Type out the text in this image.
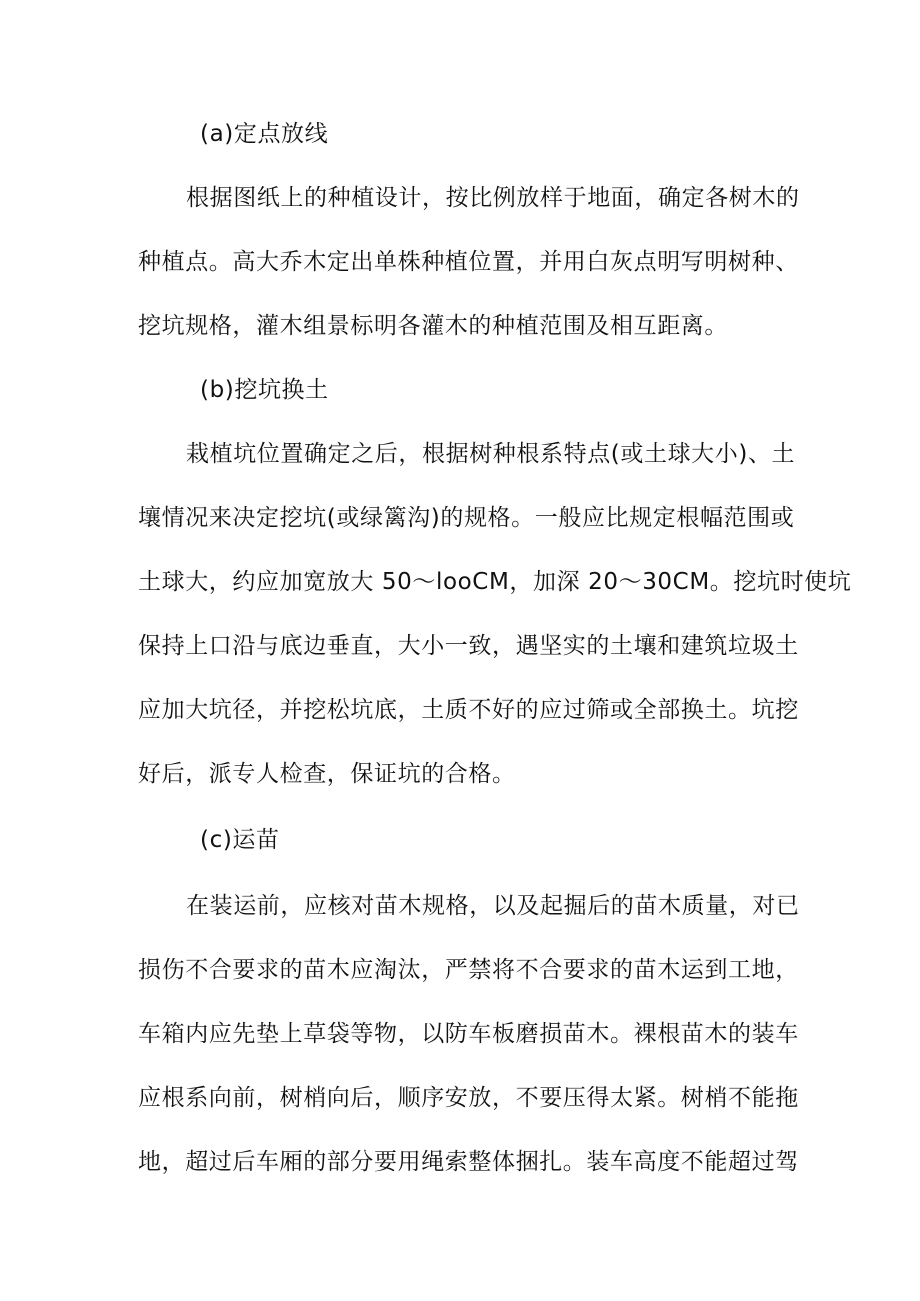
(a)定点放线
根据图纸上的种植设计，按比例放样于地面，确定各树木的
种植点。高大乔木定出单株种植位置，并用白灰点明写明树种、
挖坑规格，灌木组景标明各灌木的种植范围及相互距离。
(b)挖坑换土
栽植坑位置确定之后，根据树种根系特点(或土球大小)、土
壤情况来决定挖坑(或绿篱沟)的规格。一般应比规定根幅范围或
土球大，约应加宽放大 50～looCM，加深 20～30CM。挖坑时使坑
保持上口沿与底边垂直，大小一致，遇坚实的土壤和建筑垃圾土
应加大坑径，并挖松坑底，土质不好的应过筛或全部换土。坑挖
好后，派专人检查，保证坑的合格。
(c)运苗
在装运前，应核对苗木规格，以及起掘后的苗木质量，对已
损伤不合要求的苗木应淘汰，严禁将不合要求的苗木运到工地，
车箱内应先垫上草袋等物，以防车板磨损苗木。裸根苗木的装车
应根系向前，树梢向后，顺序安放，不要压得太紧。树梢不能拖
地，超过后车厢的部分要用绳索整体捆扎。装车高度不能超过驾
